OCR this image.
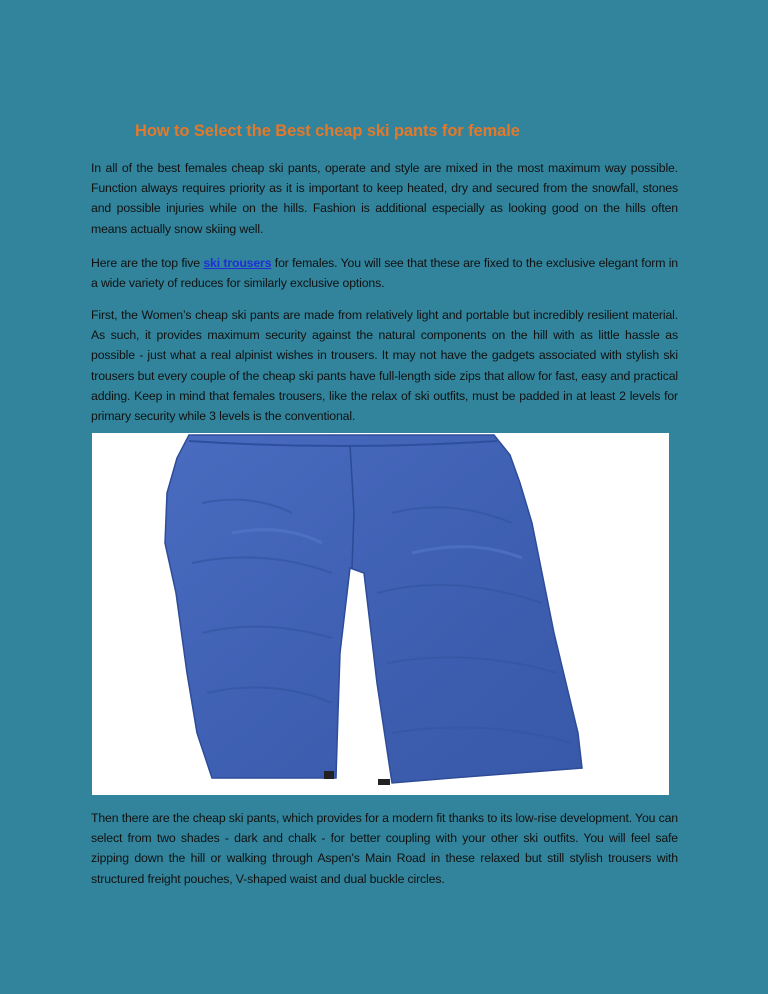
How to Select the Best cheap ski pants for female

In all of the best females cheap ski pants, operate and style are mixed in the most maximum way possible. Function always requires priority as it is important to keep heated, dry and secured from the snowfall, stones and possible injuries while on the hills. Fashion is additional especially as looking good on the hills often means actually snow skiing well.

Here are the top five ski trousers for females. You will see that these are fixed to the exclusive elegant form in a wide variety of reduces for similarly exclusive options.

First, the Women’s cheap ski pants are made from relatively light and portable but incredibly resilient material. As such, it provides maximum security against the natural components on the hill with as little hassle as possible - just what a real alpinist wishes in trousers. It may not have the gadgets associated with stylish ski trousers but every couple of the cheap ski pants have full-length side zips that allow for fast, easy and practical adding. Keep in mind that females trousers, like the relax of ski outfits, must be padded in at least 2 levels for primary security while 3 levels is the conventional.

Then there are the cheap ski pants, which provides for a modern fit thanks to its low-rise development. You can select from two shades - dark and chalk - for better coupling with your other ski outfits. You will feel safe zipping down the hill or walking through Aspen's Main Road in these relaxed but still stylish trousers with structured freight pouches, V-shaped waist and dual buckle circles.
